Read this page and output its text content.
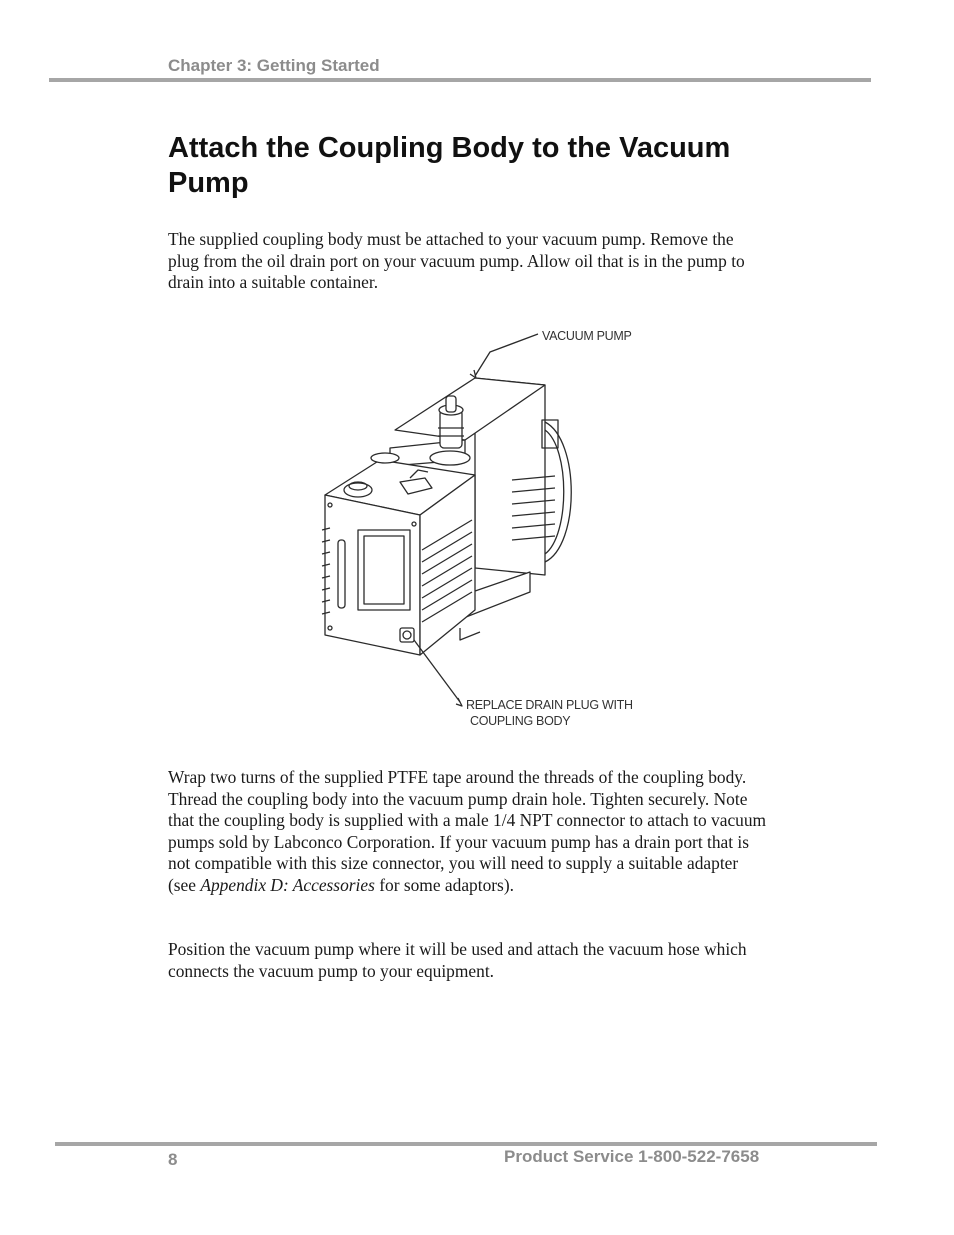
Chapter 3: Getting Started
Attach the Coupling Body to the Vacuum Pump

The supplied coupling body must be attached to your vacuum pump. Remove the plug from the oil drain port on your vacuum pump. Allow oil that is in the pump to drain into a suitable container.

VACUUM PUMP
REPLACE DRAIN PLUG WITH
COUPLING BODY

Wrap two turns of the supplied PTFE tape around the threads of the coupling body. Thread the coupling body into the vacuum pump drain hole. Tighten securely. Note that the coupling body is supplied with a male 1/4 NPT connector to attach to vacuum pumps sold by Labconco Corporation. If your vacuum pump has a drain port that is not compatible with this size connector, you will need to supply a suitable adapter (see Appendix D: Accessories for some adaptors).

Position the vacuum pump where it will be used and attach the vacuum hose which connects the vacuum pump to your equipment.

8	Product Service 1-800-522-7658
